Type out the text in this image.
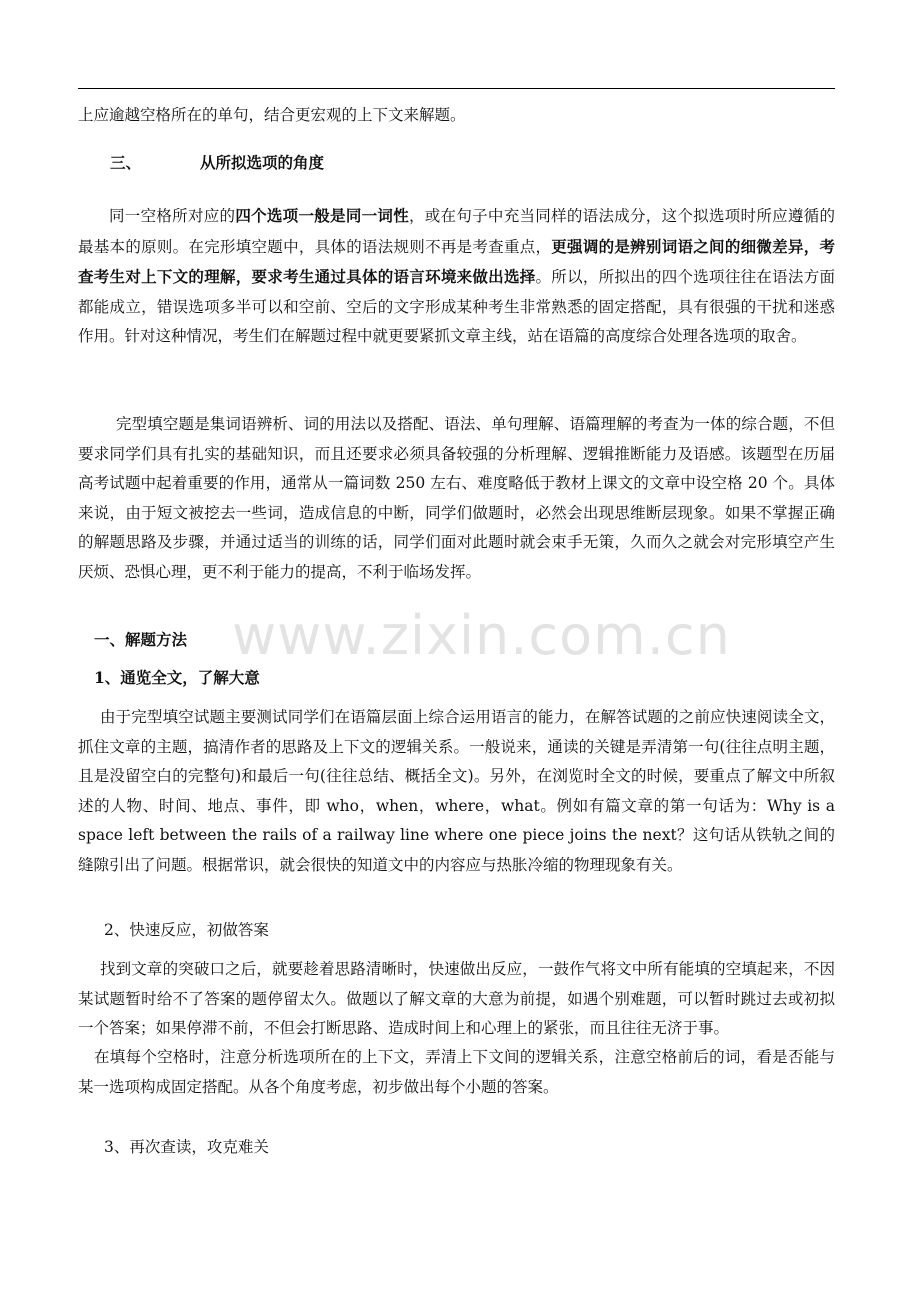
上应逾越空格所在的单句，结合更宏观的上下文来解题。

三、	从所拟选项的角度

同一空格所对应的四个选项一般是同一词性，或在句子中充当同样的语法成分，这个拟选项时所应遵循的最基本的原则。在完形填空题中，具体的语法规则不再是考查重点，更强调的是辨别词语之间的细微差异，考查考生对上下文的理解，要求考生通过具体的语言环境来做出选择。所以，所拟出的四个选项往往在语法方面都能成立，错误选项多半可以和空前、空后的文字形成某种考生非常熟悉的固定搭配，具有很强的干扰和迷惑作用。针对这种情况，考生们在解题过程中就更要紧抓文章主线，站在语篇的高度综合处理各选项的取舍。

完型填空题是集词语辨析、词的用法以及搭配、语法、单句理解、语篇理解的考查为一体的综合题，不但要求同学们具有扎实的基础知识，而且还要求必须具备较强的分析理解、逻辑推断能力及语感。该题型在历届高考试题中起着重要的作用，通常从一篇词数 250 左右、难度略低于教材上课文的文章中设空格 20 个。具体来说，由于短文被挖去一些词，造成信息的中断，同学们做题时，必然会出现思维断层现象。如果不掌握正确的解题思路及步骤，并通过适当的训练的话，同学们面对此题时就会束手无策，久而久之就会对完形填空产生厌烦、恐惧心理，更不利于能力的提高，不利于临场发挥。

www.zixin.com.cn

一、解题方法

1、通览全文，了解大意

由于完型填空试题主要测试同学们在语篇层面上综合运用语言的能力，在解答试题的之前应快速阅读全文，抓住文章的主题，搞清作者的思路及上下文的逻辑关系。一般说来，通读的关键是弄清第一句(往往点明主题，且是没留空白的完整句)和最后一句(往往总结、概括全文)。另外，在浏览时全文的时候，要重点了解文中所叙述的人物、时间、地点、事件，即 who，when，where，what。例如有篇文章的第一句话为：Why is a space left between the rails of a railway line where one piece joins the next？这句话从铁轨之间的缝隙引出了问题。根据常识，就会很快的知道文中的内容应与热胀冷缩的物理现象有关。

2、快速反应，初做答案

找到文章的突破口之后，就要趁着思路清晰时，快速做出反应，一鼓作气将文中所有能填的空填起来，不因某试题暂时给不了答案的题停留太久。做题以了解文章的大意为前提，如遇个别难题，可以暂时跳过去或初拟一个答案；如果停滞不前，不但会打断思路、造成时间上和心理上的紧张，而且往往无济于事。

在填每个空格时，注意分析选项所在的上下文，弄清上下文间的逻辑关系，注意空格前后的词，看是否能与某一选项构成固定搭配。从各个角度考虑，初步做出每个小题的答案。

3、再次查读，攻克难关
